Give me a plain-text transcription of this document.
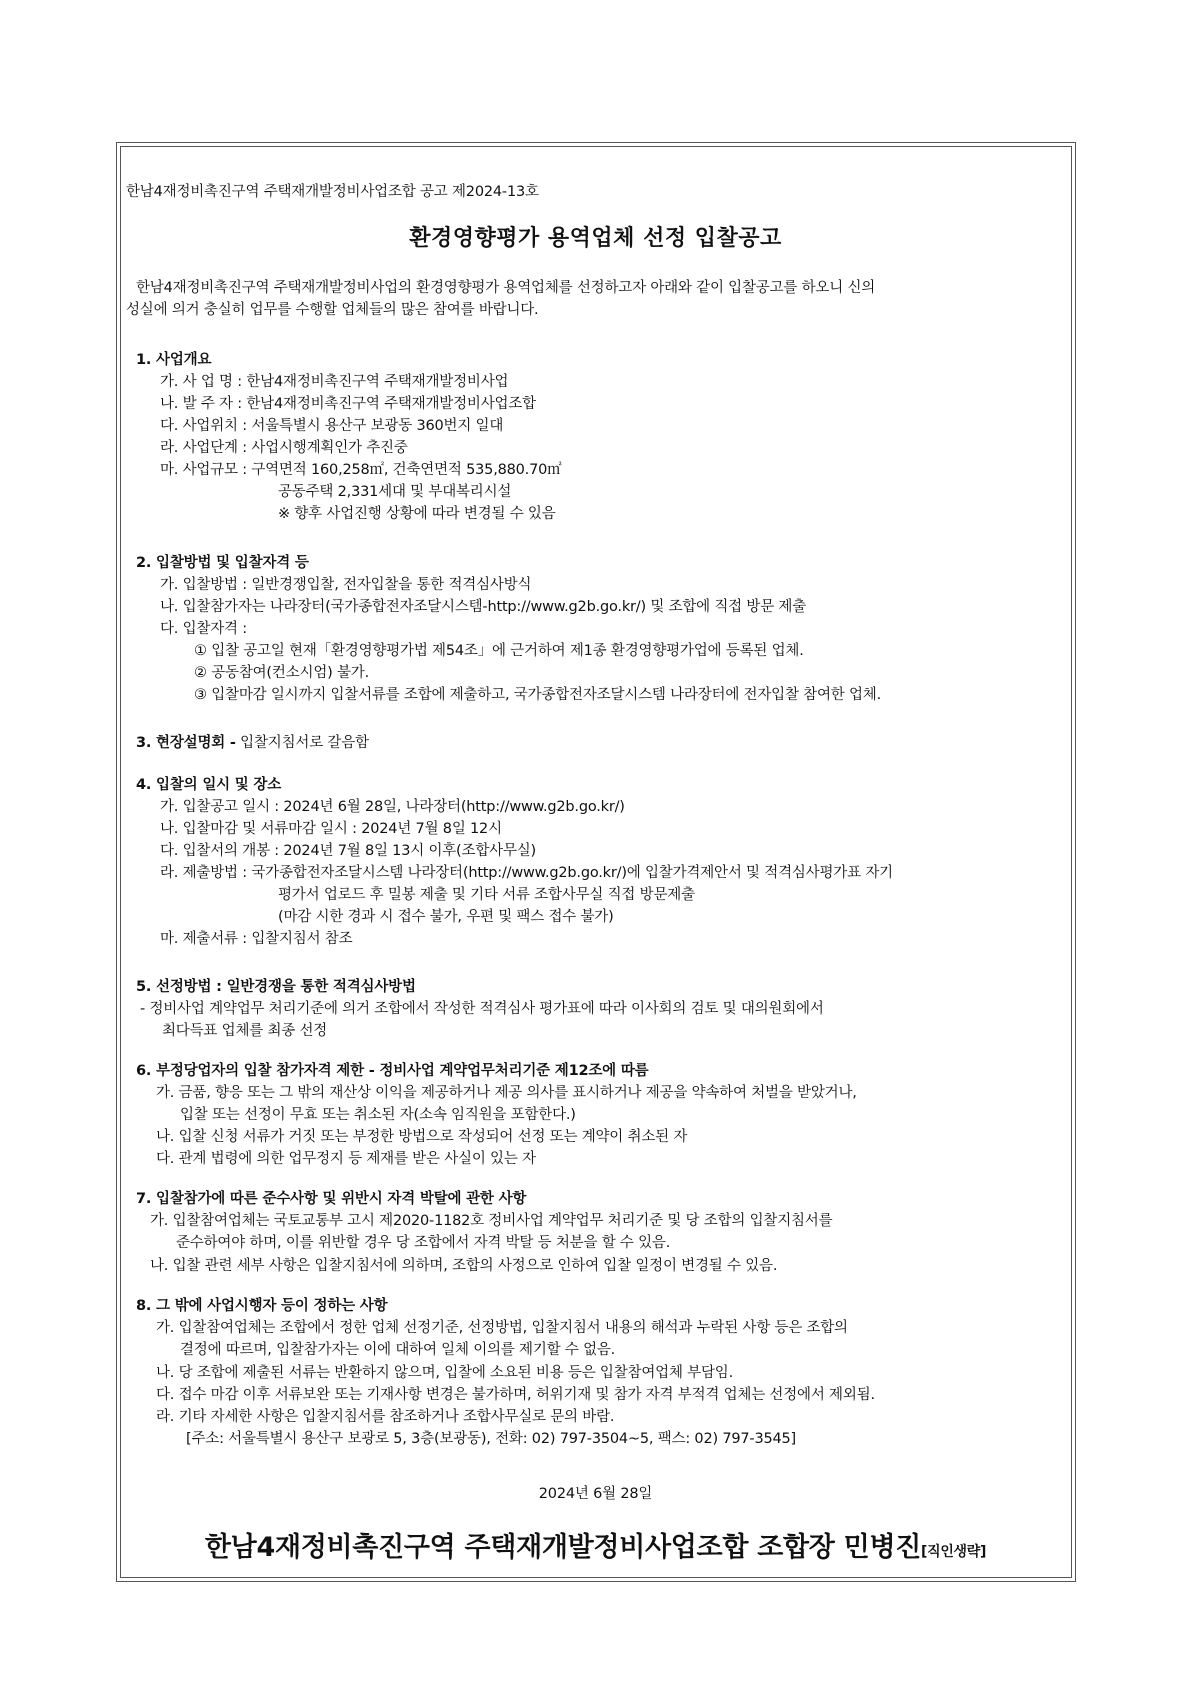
한남4재정비촉진구역 주택재개발정비사업조합 공고 제2024-13호
환경영향평가 용역업체 선정 입찰공고
한남4재정비촉진구역 주택재개발정비사업의 환경영향평가 용역업체를 선정하고자 아래와 같이 입찰공고를 하오니 신의
성실에 의거 충실히 업무를 수행할 업체들의 많은 참여를 바랍니다.
1. 사업개요
가. 사 업 명 : 한남4재정비촉진구역 주택재개발정비사업
나. 발 주 자 : 한남4재정비촉진구역 주택재개발정비사업조합
다. 사업위치 : 서울특별시 용산구 보광동 360번지 일대
라. 사업단계 : 사업시행계획인가 추진중
마. 사업규모 : 구역면적 160,258㎡, 건축연면적 535,880.70㎡
공동주택 2,331세대 및 부대복리시설
※ 향후 사업진행 상황에 따라 변경될 수 있음
2. 입찰방법 및 입찰자격 등
가. 입찰방법 : 일반경쟁입찰, 전자입찰을 통한 적격심사방식
나. 입찰참가자는 나라장터(국가종합전자조달시스템-http://www.g2b.go.kr/) 및 조합에 직접 방문 제출
다. 입찰자격 :
① 입찰 공고일 현재「환경영향평가법 제54조」에 근거하여 제1종 환경영향평가업에 등록된 업체.
② 공동참여(컨소시엄) 불가.
③ 입찰마감 일시까지 입찰서류를 조합에 제출하고, 국가종합전자조달시스템 나라장터에 전자입찰 참여한 업체.
3. 현장설명회 - 입찰지침서로 갈음함
4. 입찰의 일시 및 장소
가. 입찰공고 일시 : 2024년 6월 28일, 나라장터(http://www.g2b.go.kr/)
나. 입찰마감 및 서류마감 일시 : 2024년 7월 8일 12시
다. 입찰서의 개봉 : 2024년 7월 8일 13시 이후(조합사무실)
라. 제출방법 : 국가종합전자조달시스템 나라장터(http://www.g2b.go.kr/)에 입찰가격제안서 및 적격심사평가표 자기
평가서 업로드 후 밀봉 제출 및 기타 서류 조합사무실 직접 방문제출
(마감 시한 경과 시 접수 불가, 우편 및 팩스 접수 불가)
마. 제출서류 : 입찰지침서 참조
5. 선정방법 : 일반경쟁을 통한 적격심사방법
- 정비사업 계약업무 처리기준에 의거 조합에서 작성한 적격심사 평가표에 따라 이사회의 검토 및 대의원회에서
최다득표 업체를 최종 선정
6. 부정당업자의 입찰 참가자격 제한 - 정비사업 계약업무처리기준 제12조에 따름
가. 금품, 향응 또는 그 밖의 재산상 이익을 제공하거나 제공 의사를 표시하거나 제공을 약속하여 처벌을 받았거나,
입찰 또는 선정이 무효 또는 취소된 자(소속 임직원을 포함한다.)
나. 입찰 신청 서류가 거짓 또는 부정한 방법으로 작성되어 선정 또는 계약이 취소된 자
다. 관계 법령에 의한 업무정지 등 제재를 받은 사실이 있는 자
7. 입찰참가에 따른 준수사항 및 위반시 자격 박탈에 관한 사항
가. 입찰참여업체는 국토교통부 고시 제2020-1182호 정비사업 계약업무 처리기준 및 당 조합의 입찰지침서를
준수하여야 하며, 이를 위반할 경우 당 조합에서 자격 박탈 등 처분을 할 수 있음.
나. 입찰 관련 세부 사항은 입찰지침서에 의하며, 조합의 사정으로 인하여 입찰 일정이 변경될 수 있음.
8. 그 밖에 사업시행자 등이 정하는 사항
가. 입찰참여업체는 조합에서 정한 업체 선정기준, 선정방법, 입찰지침서 내용의 해석과 누락된 사항 등은 조합의
결정에 따르며, 입찰참가자는 이에 대하여 일체 이의를 제기할 수 없음.
나. 당 조합에 제출된 서류는 반환하지 않으며, 입찰에 소요된 비용 등은 입찰참여업체 부담임.
다. 접수 마감 이후 서류보완 또는 기재사항 변경은 불가하며, 허위기재 및 참가 자격 부적격 업체는 선정에서 제외됨.
라. 기타 자세한 사항은 입찰지침서를 참조하거나 조합사무실로 문의 바람.
[주소: 서울특별시 용산구 보광로 5, 3층(보광동), 전화: 02) 797-3504~5, 팩스: 02) 797-3545]
2024년 6월 28일
한남4재정비촉진구역 주택재개발정비사업조합 조합장 민병진[직인생략]
